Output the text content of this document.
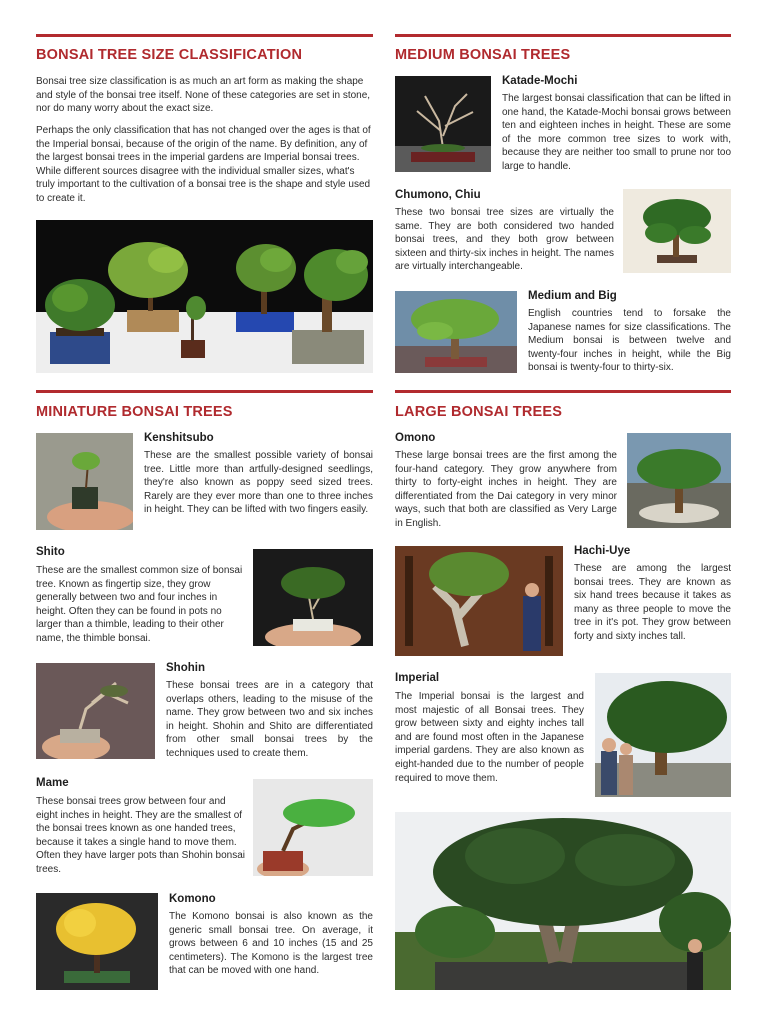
BONSAI TREE SIZE CLASSIFICATION
Bonsai tree size classification is as much an art form as making the shape and style of the bonsai tree itself. None of these categories are set in stone, nor do many worry about the exact size.
Perhaps the only classification that has not changed over the ages is that of the Imperial bonsai, because of the origin of the name. By definition, any of the largest bonsai trees in the imperial gardens are Imperial bonsai trees. While different sources disagree with the individual smaller sizes, what's truly important to the cultivation of a bonsai tree is the shape and style used to create it.
MEDIUM BONSAI TREES
Katade-Mochi
The largest bonsai classification that can be lifted in one hand, the Katade-Mochi bonsai grows between ten and eighteen inches in height. These are some of the more common tree sizes to work with, because they are neither too small to prune nor too large to handle.
Chumono, Chiu
These two bonsai tree sizes are virtually the same. They are both considered two handed bonsai trees, and they both grow between sixteen and thirty-six inches in height. The names are virtually interchangeable.
Medium and Big
English countries tend to forsake the Japanese names for size classifications. The Medium bonsai is between twelve and twenty-four inches in height, while the Big bonsai is twenty-four to thirty-six.
MINIATURE BONSAI TREES
Kenshitsubo
These are the smallest possible variety of bonsai tree. Little more than artfully-designed seedlings, they're also known as poppy seed sized trees. Rarely are they ever more than one to three inches in height. They can be lifted with two fingers easily.
Shito
These are the smallest common size of bonsai tree. Known as fingertip size, they grow generally between two and four inches in height. Often they can be found in pots no larger than a thimble, leading to their other name, the thimble bonsai.
Shohin
These bonsai trees are in a category that overlaps others, leading to the misuse of the name. They grow between two and six inches in height. Shohin and Shito are differentiated from other small bonsai trees by the techniques used to create them.
Mame
These bonsai trees grow between four and eight inches in height. They are the smallest of the bonsai trees known as one handed trees, because it takes a single hand to move them. Often they have larger pots than Shohin bonsai trees.
Komono
The Komono bonsai is also known as the generic small bonsai tree. On average, it grows between 6 and 10 inches (15 and 25 centimeters). The Komono is the largest tree that can be moved with one hand.
LARGE BONSAI TREES
Omono
These large bonsai trees are the first among the four-hand category. They grow anywhere from thirty to forty-eight inches in height. They are differentiated from the Dai category in very minor ways, such that both are classified as Very Large in English.
Hachi-Uye
These are among the largest bonsai trees. They are known as six hand trees because it takes as many as three people to move the tree in it's pot. They grow between forty and sixty inches tall.
Imperial
The Imperial bonsai is the largest and most majestic of all Bonsai trees. They grow between sixty and eighty inches tall and are found most often in the Japanese imperial gardens. They are also known as eight-handed due to the number of people required to move them.
